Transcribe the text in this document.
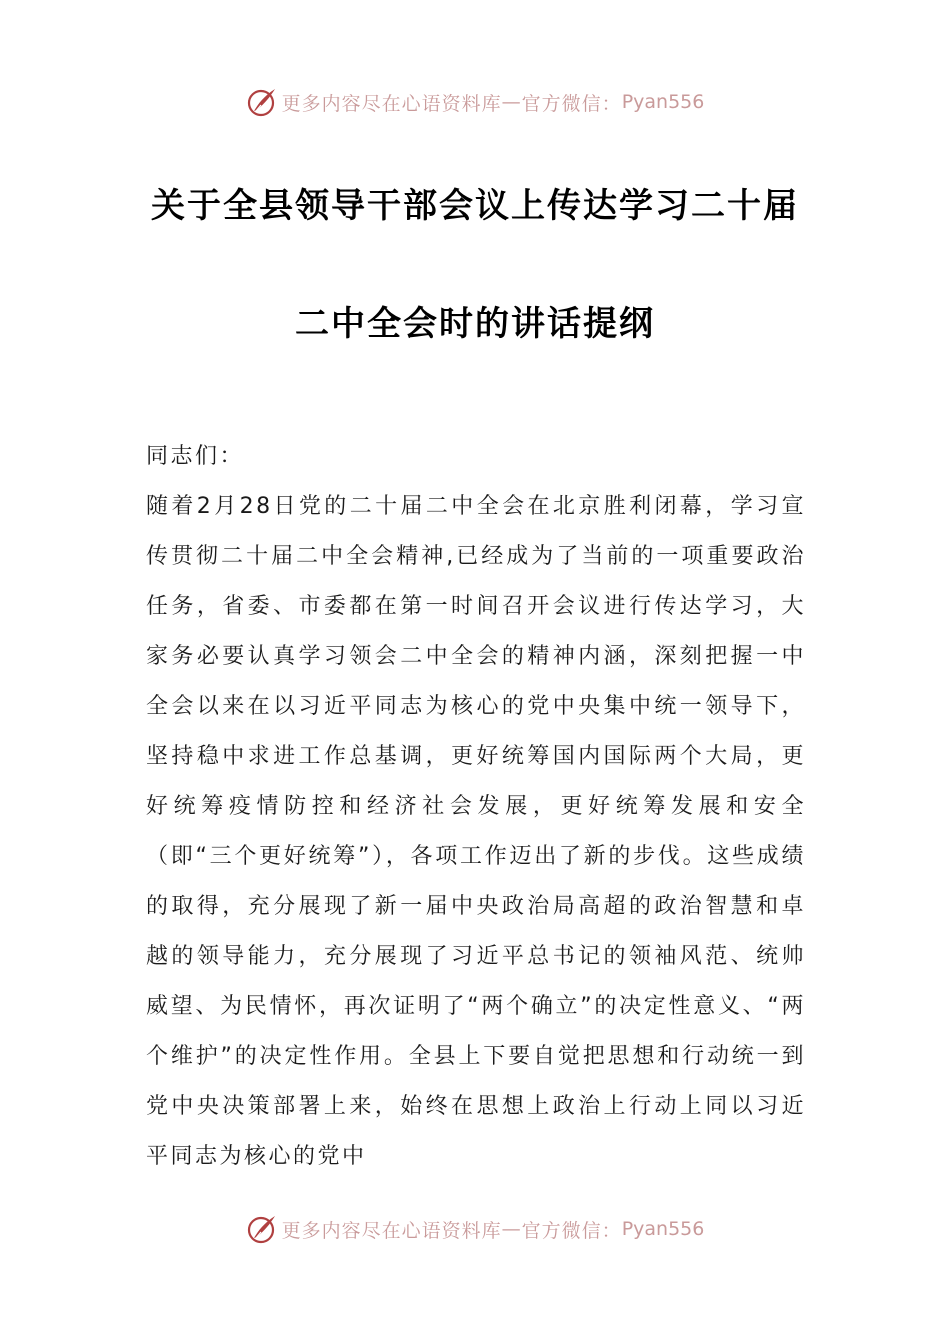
更多内容尽在心语资料库 — 官方微信： Pyan556
关于全县领导干部会议上传达学习二十届
二中全会时的讲话提纲

同志们：

随着2月28日党的二十届二中全会在北京胜利闭幕，学习宣传贯彻二十届二中全会精神,已经成为了当前的一项重要政治任务，省委、市委都在第一时间召开会议进行传达学习，大家务必要认真学习领会二中全会的精神内涵，深刻把握一中全会以来在以习近平同志为核心的党中央集中统一领导下，坚持稳中求进工作总基调，更好统筹国内国际两个大局，更好统筹疫情防控和经济社会发展，更好统筹发展和安全（即“三个更好统筹”），各项工作迈出了新的步伐。这些成绩的取得，充分展现了新一届中央政治局高超的政治智慧和卓越的领导能力，充分展现了习近平总书记的领袖风范、统帅威望、为民情怀，再次证明了“两个确立”的决定性意义、“两个维护”的决定性作用。全县上下要自觉把思想和行动统一到党中央决策部署上来，始终在思想上政治上行动上同以习近平同志为核心的党中

更多内容尽在心语资料库 — 官方微信： Pyan556
